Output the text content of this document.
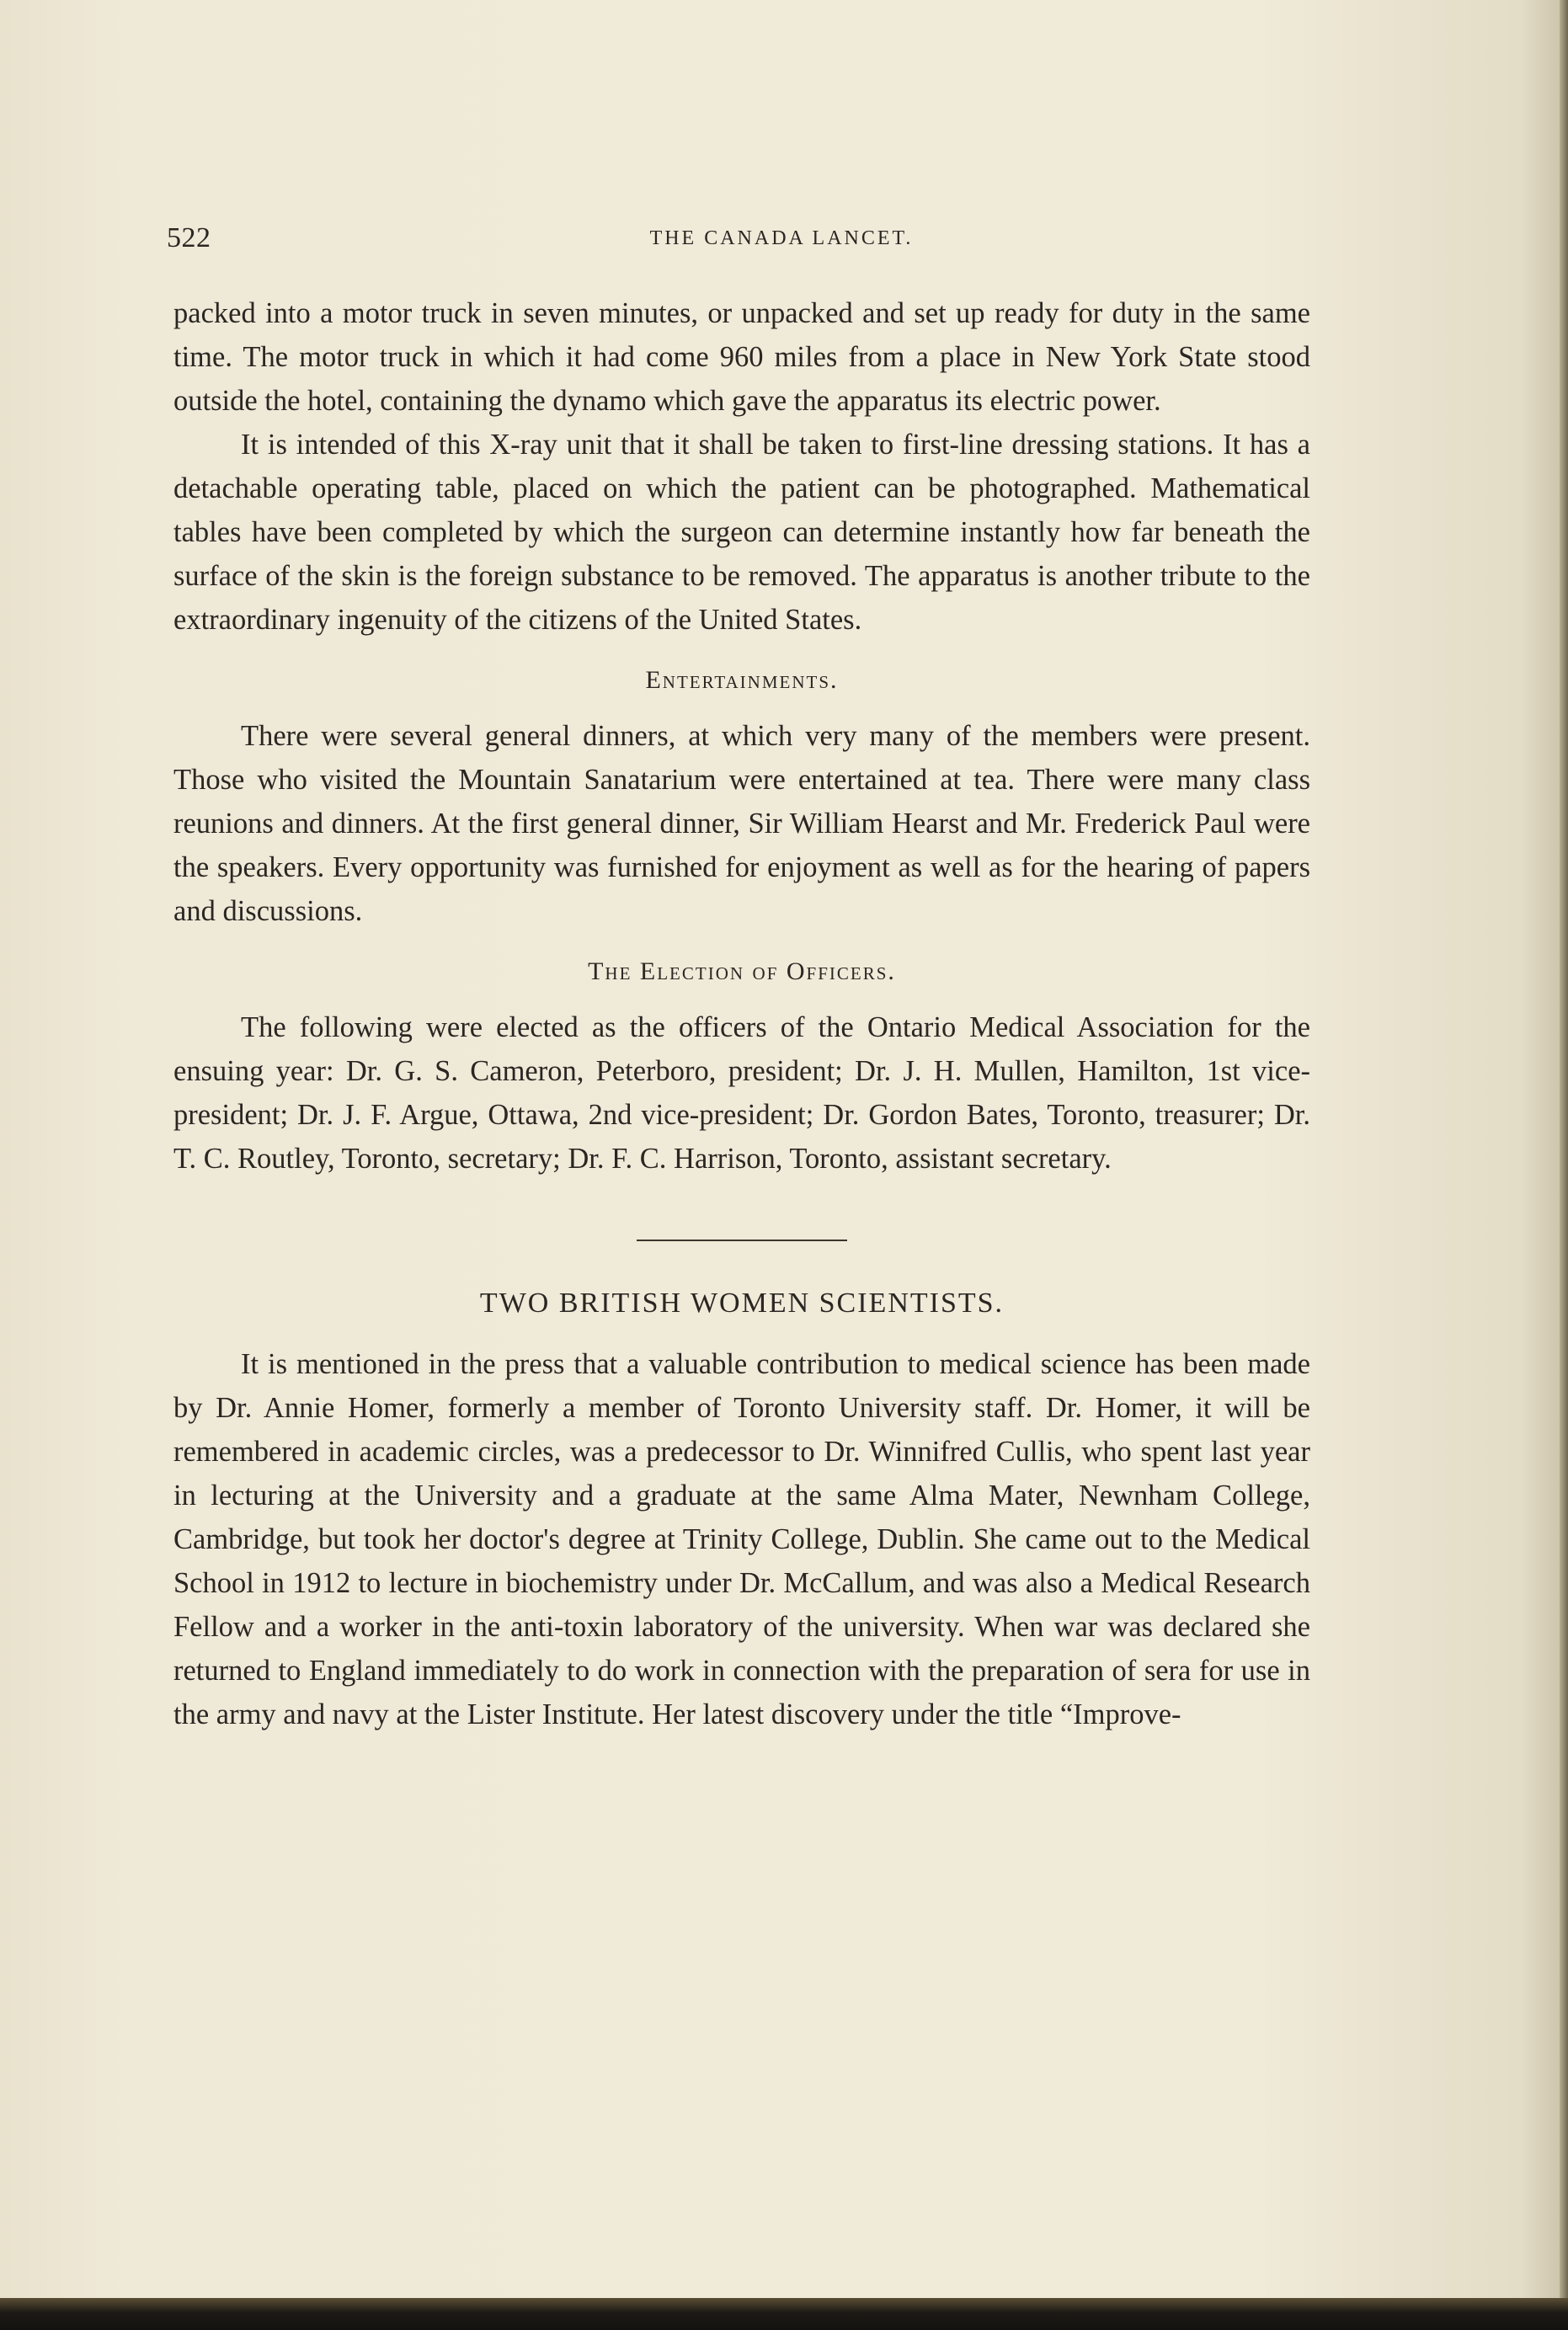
522	THE CANADA LANCET.

packed into a motor truck in seven minutes, or unpacked and set up ready for duty in the same time. The motor truck in which it had come 960 miles from a place in New York State stood outside the hotel, containing the dynamo which gave the apparatus its electric power.

It is intended of this X-ray unit that it shall be taken to first-line dressing stations. It has a detachable operating table, placed on which the patient can be photographed. Mathematical tables have been completed by which the surgeon can determine instantly how far beneath the surface of the skin is the foreign substance to be removed. The apparatus is another tribute to the extraordinary ingenuity of the citizens of the United States.

Entertainments.

There were several general dinners, at which very many of the members were present. Those who visited the Mountain Sanatarium were entertained at tea. There were many class reunions and dinners. At the first general dinner, Sir William Hearst and Mr. Frederick Paul were the speakers. Every opportunity was furnished for enjoyment as well as for the hearing of papers and discussions.

The Election of Officers.

The following were elected as the officers of the Ontario Medical Association for the ensuing year: Dr. G. S. Cameron, Peterboro, president; Dr. J. H. Mullen, Hamilton, 1st vice-president; Dr. J. F. Argue, Ottawa, 2nd vice-president; Dr. Gordon Bates, Toronto, treasurer; Dr. T. C. Routley, Toronto, secretary; Dr. F. C. Harrison, Toronto, assistant secretary.

TWO BRITISH WOMEN SCIENTISTS.

It is mentioned in the press that a valuable contribution to medical science has been made by Dr. Annie Homer, formerly a member of Toronto University staff. Dr. Homer, it will be remembered in academic circles, was a predecessor to Dr. Winnifred Cullis, who spent last year in lecturing at the University and a graduate at the same Alma Mater, Newnham College, Cambridge, but took her doctor's degree at Trinity College, Dublin. She came out to the Medical School in 1912 to lecture in biochemistry under Dr. McCallum, and was also a Medical Research Fellow and a worker in the anti-toxin laboratory of the university. When war was declared she returned to England immediately to do work in connection with the preparation of sera for use in the army and navy at the Lister Institute. Her latest discovery under the title “Improve-
